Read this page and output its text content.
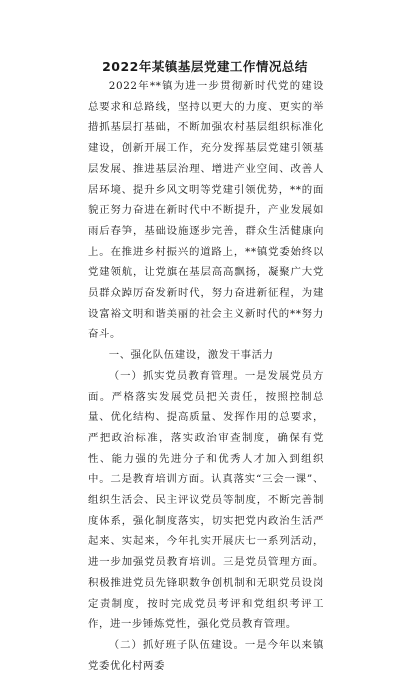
2022年某镇基层党建工作情况总结

2022年**镇为进一步贯彻新时代党的建设总要求和总路线，坚持以更大的力度、更实的举措抓基层打基础，不断加强农村基层组织标准化建设，创新开展工作，充分发挥基层党建引领基层发展、推进基层治理、增进产业空间、改善人居环境、提升乡风文明等党建引领优势，**的面貌正努力奋进在新时代中不断提升，产业发展如雨后春笋，基础设施逐步完善，群众生活健康向上。在推进乡村振兴的道路上，**镇党委始终以党建领航，让党旗在基层高高飘扬，凝聚广大党员群众踔厉奋发新时代，努力奋进新征程，为建设富裕文明和谐美丽的社会主义新时代的**努力奋斗。

一、强化队伍建设，激发干事活力

（一）抓实党员教育管理。一是发展党员方面。严格落实发展党员把关责任，按照控制总量、优化结构、提高质量、发挥作用的总要求，严把政治标准，落实政治审查制度，确保有党性、能力强的先进分子和优秀人才加入到组织中。二是教育培训方面。认真落实“三会一课”、组织生活会、民主评议党员等制度，不断完善制度体系，强化制度落实，切实把党内政治生活严起来、实起来，今年扎实开展庆七一系列活动，进一步加强党员教育培训。三是党员管理方面。积极推进党员先锋职数争创机制和无职党员设岗定责制度，按时完成党员考评和党组织考评工作，进一步锤炼党性，强化党员教育管理。

（二）抓好班子队伍建设。一是今年以来镇党委优化村两委
